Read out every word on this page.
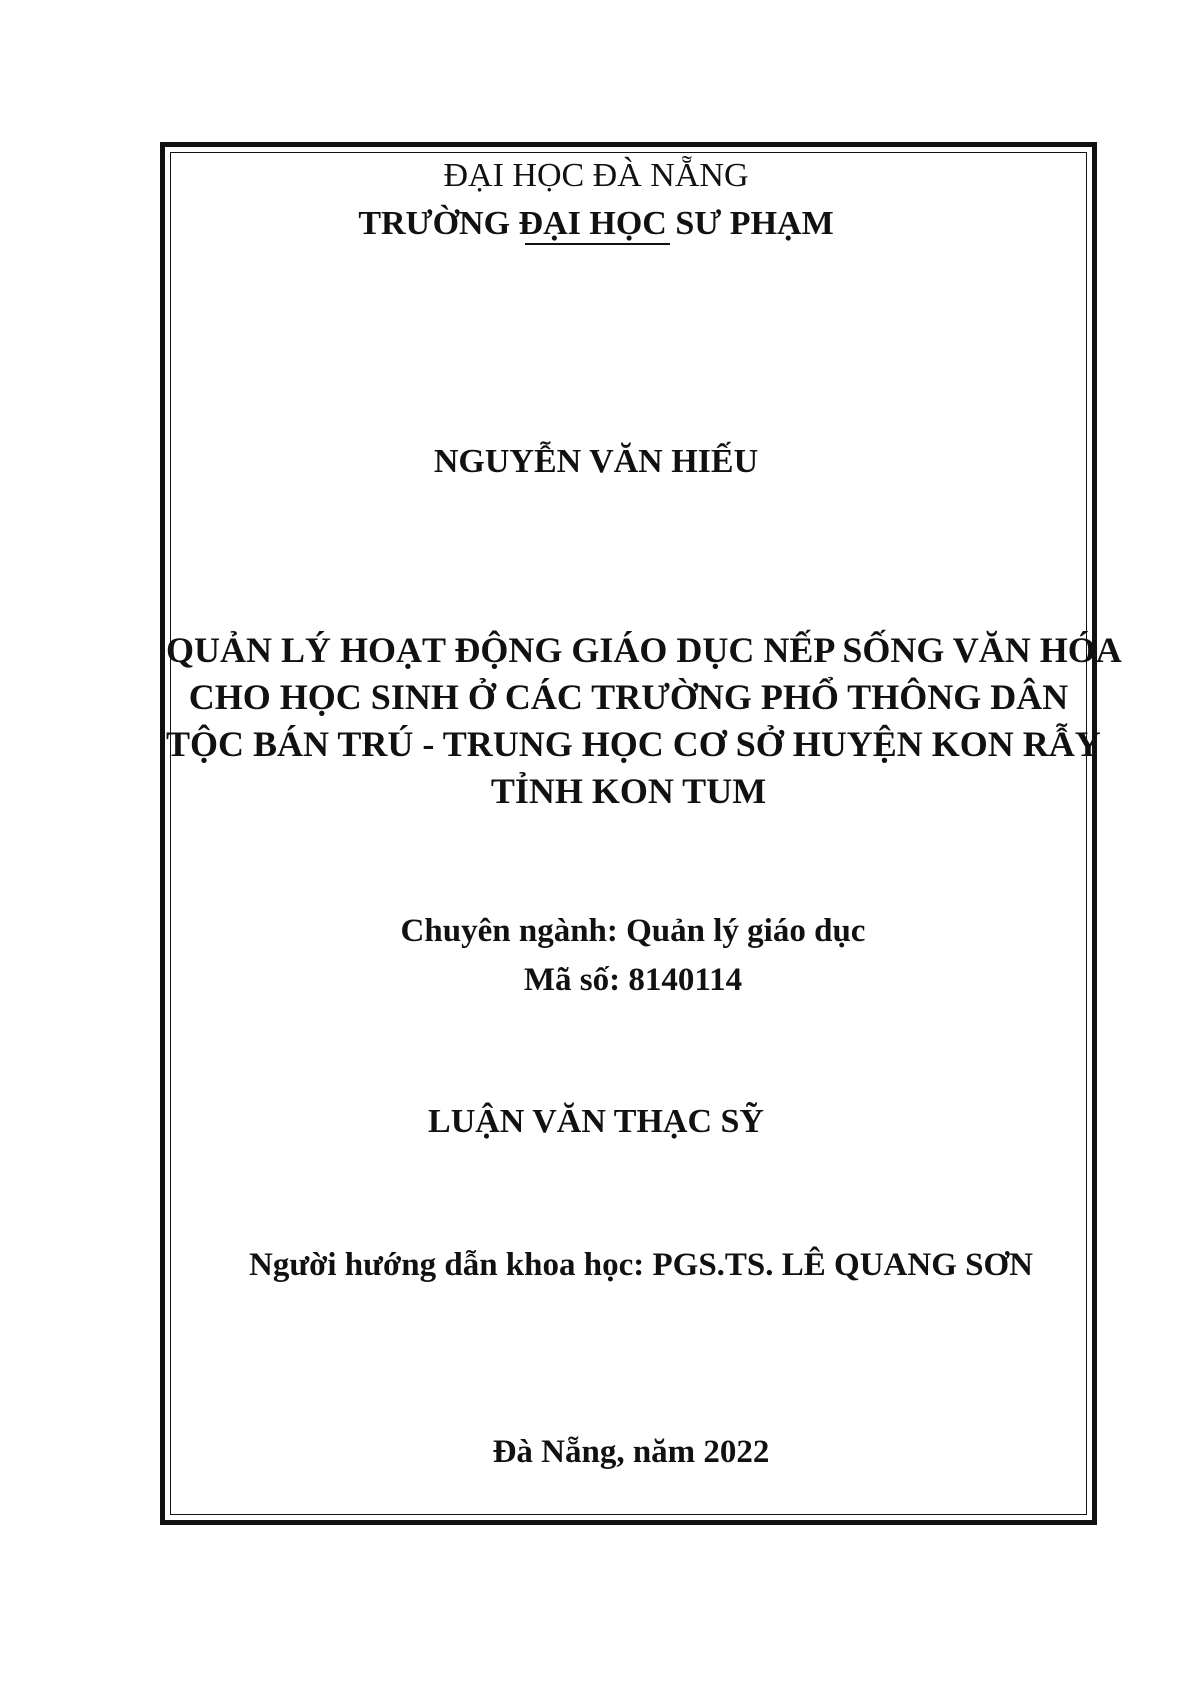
ĐẠI HỌC ĐÀ NẴNG
TRƯỜNG ĐẠI HỌC SƯ PHẠM
NGUYỄN VĂN HIẾU
QUẢN LÝ HOẠT ĐỘNG GIÁO DỤC NẾP SỐNG VĂN HÓA
CHO HỌC SINH Ở CÁC TRƯỜNG PHỔ THÔNG DÂN
TỘC BÁN TRÚ - TRUNG HỌC CƠ SỞ HUYỆN KON RẪY
TỈNH KON TUM
Chuyên ngành: Quản lý giáo dục
Mã số: 8140114
LUẬN VĂN THẠC SỸ
Người hướng dẫn khoa học: PGS.TS. LÊ QUANG SƠN
Đà Nẵng, năm 2022
